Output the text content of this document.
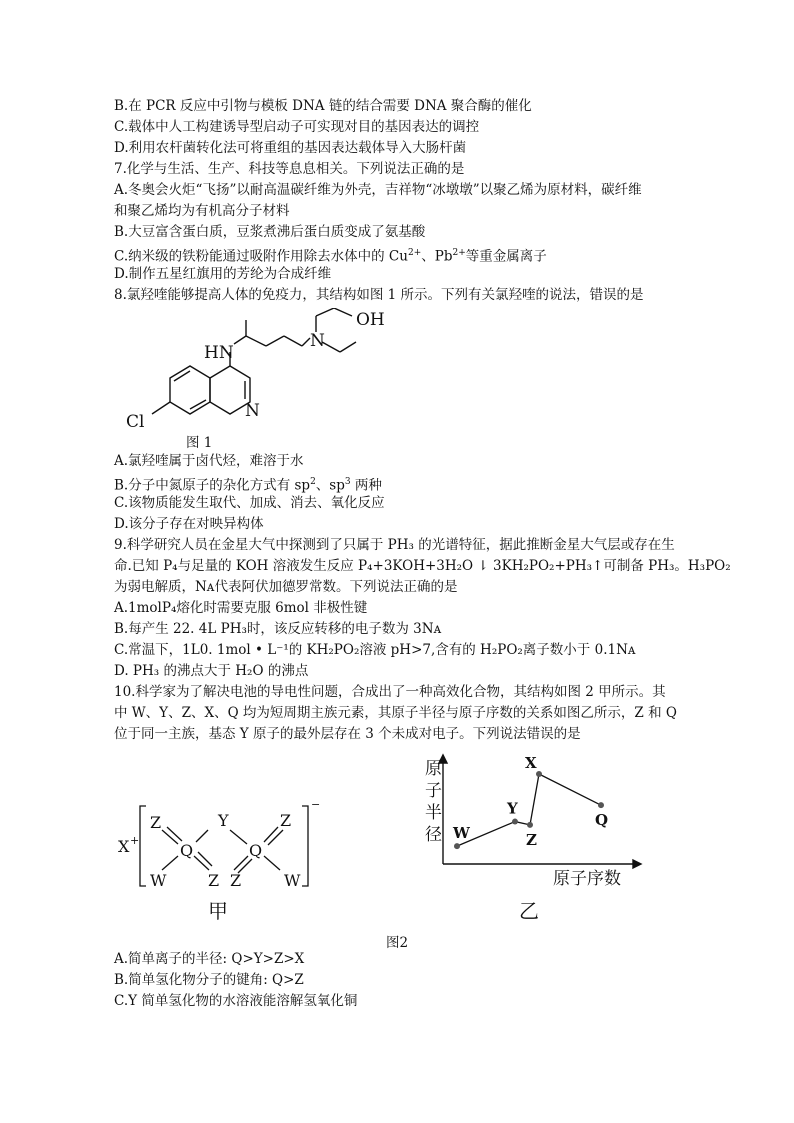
B.在 PCR 反应中引物与模板 DNA 链的结合需要 DNA 聚合酶的催化
C.载体中人工构建诱导型启动子可实现对目的基因表达的调控
D.利用农杆菌转化法可将重组的基因表达载体导入大肠杆菌
7.化学与生活、生产、科技等息息相关。下列说法正确的是
A.冬奥会火炬“飞扬”以耐高温碳纤维为外壳，吉祥物“冰墩墩”以聚乙烯为原材料，碳纤维
和聚乙烯均为有机高分子材料
B.大豆富含蛋白质，豆浆煮沸后蛋白质变成了氨基酸
C.纳米级的铁粉能通过吸附作用除去水体中的 $Cu^{2+}$、$Pb^{2+}$等重金属离子
D.制作五星红旗用的芳纶为合成纤维
8.氯羟喹能够提高人体的免疫力，其结构如图 1 所示。下列有关氯羟喹的说法，错误的是
OH
N
HN
Cl
N
图 1
A.氯羟喹属于卤代烃，难溶于水
B.分子中氮原子的杂化方式有 $sp^2$、$sp^3$ 两种
C.该物质能发生取代、加成、消去、氧化反应
D.该分子存在对映异构体
9.科学研究人员在金星大气中探测到了只属于 PH₃ 的光谱特征，据此推断金星大气层或存在生
命.已知 P₄与足量的 KOH 溶液发生反应 P₄+3KOH+3H₂O ⇂ 3KH₂PO₂+PH₃↑可制备 PH₃。H₃PO₂
为弱电解质，Nᴀ代表阿伏加德罗常数。下列说法正确的是
A.1molP₄熔化时需要克服 6mol 非极性键
B.每产生 22. 4L PH₃时，该反应转移的电子数为 3Nᴀ
C.常温下，1L0. 1mol • L⁻¹的 KH₂PO₂溶液 pH>7,含有的 H₂PO₂离子数小于 0.1Nᴀ
D. PH₃ 的沸点大于 H₂O 的沸点
10.科学家为了解决电池的导电性问题，合成出了一种高效化合物，其结构如图 2 甲所示。其
中 W、Y、Z、X、Q 均为短周期主族元素，其原子半径与原子序数的关系如图乙所示，Z 和 Q
位于同一主族，基态 Y 原子的最外层存在 3 个未成对电子。下列说法错误的是
X +
−
Z	Y	Z
Q	Q
W	Z Z	W
甲
W
Y
Z
X
Q
原
子
半
径
原子序数
乙
图2
A.简单离子的半径: Q>Y>Z>X
B.简单氢化物分子的键角: Q>Z
C.Y 简单氢化物的水溶液能溶解氢氧化铜
